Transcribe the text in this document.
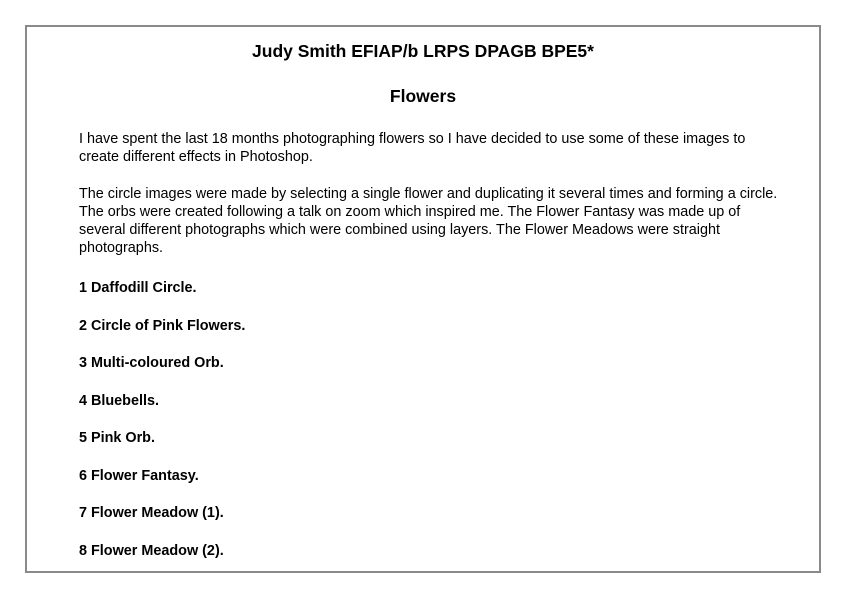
Judy Smith EFIAP/b LRPS DPAGB BPE5*
Flowers

I have spent the last 18 months photographing flowers so I have decided to use some of these images to create different effects in Photoshop.

The circle images were made by selecting a single flower and duplicating it several times and forming a circle. The orbs were created following a talk on zoom which inspired me. The Flower Fantasy was made up of several different photographs which were combined using layers. The Flower Meadows were straight photographs.

1 Daffodill Circle.
2 Circle of Pink Flowers.
3 Multi-coloured Orb.
4 Bluebells.
5 Pink Orb.
6 Flower Fantasy.
7 Flower Meadow (1).
8 Flower Meadow (2).
